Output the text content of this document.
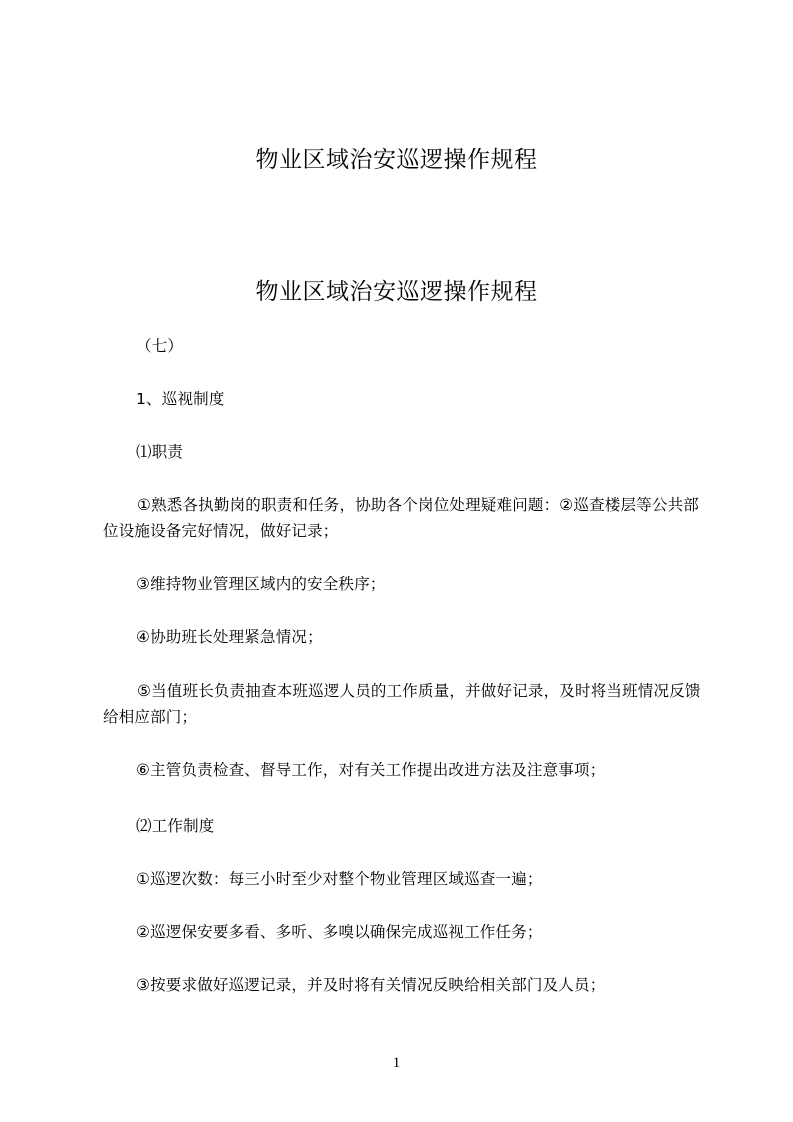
物业区域治安巡逻操作规程
物业区域治安巡逻操作规程

（七）

1、巡视制度

⑴职责

①熟悉各执勤岗的职责和任务，协助各个岗位处理疑难问题：②巡查楼层等公共部位设施设备完好情况，做好记录；

③维持物业管理区域内的安全秩序；

④协助班长处理紧急情况；

⑤当值班长负责抽查本班巡逻人员的工作质量，并做好记录，及时将当班情况反馈给相应部门；

⑥主管负责检查、督导工作，对有关工作提出改进方法及注意事项；

⑵工作制度

①巡逻次数：每三小时至少对整个物业管理区域巡查一遍；

②巡逻保安要多看、多听、多嗅以确保完成巡视工作任务；

③按要求做好巡逻记录，并及时将有关情况反映给相关部门及人员；

1
